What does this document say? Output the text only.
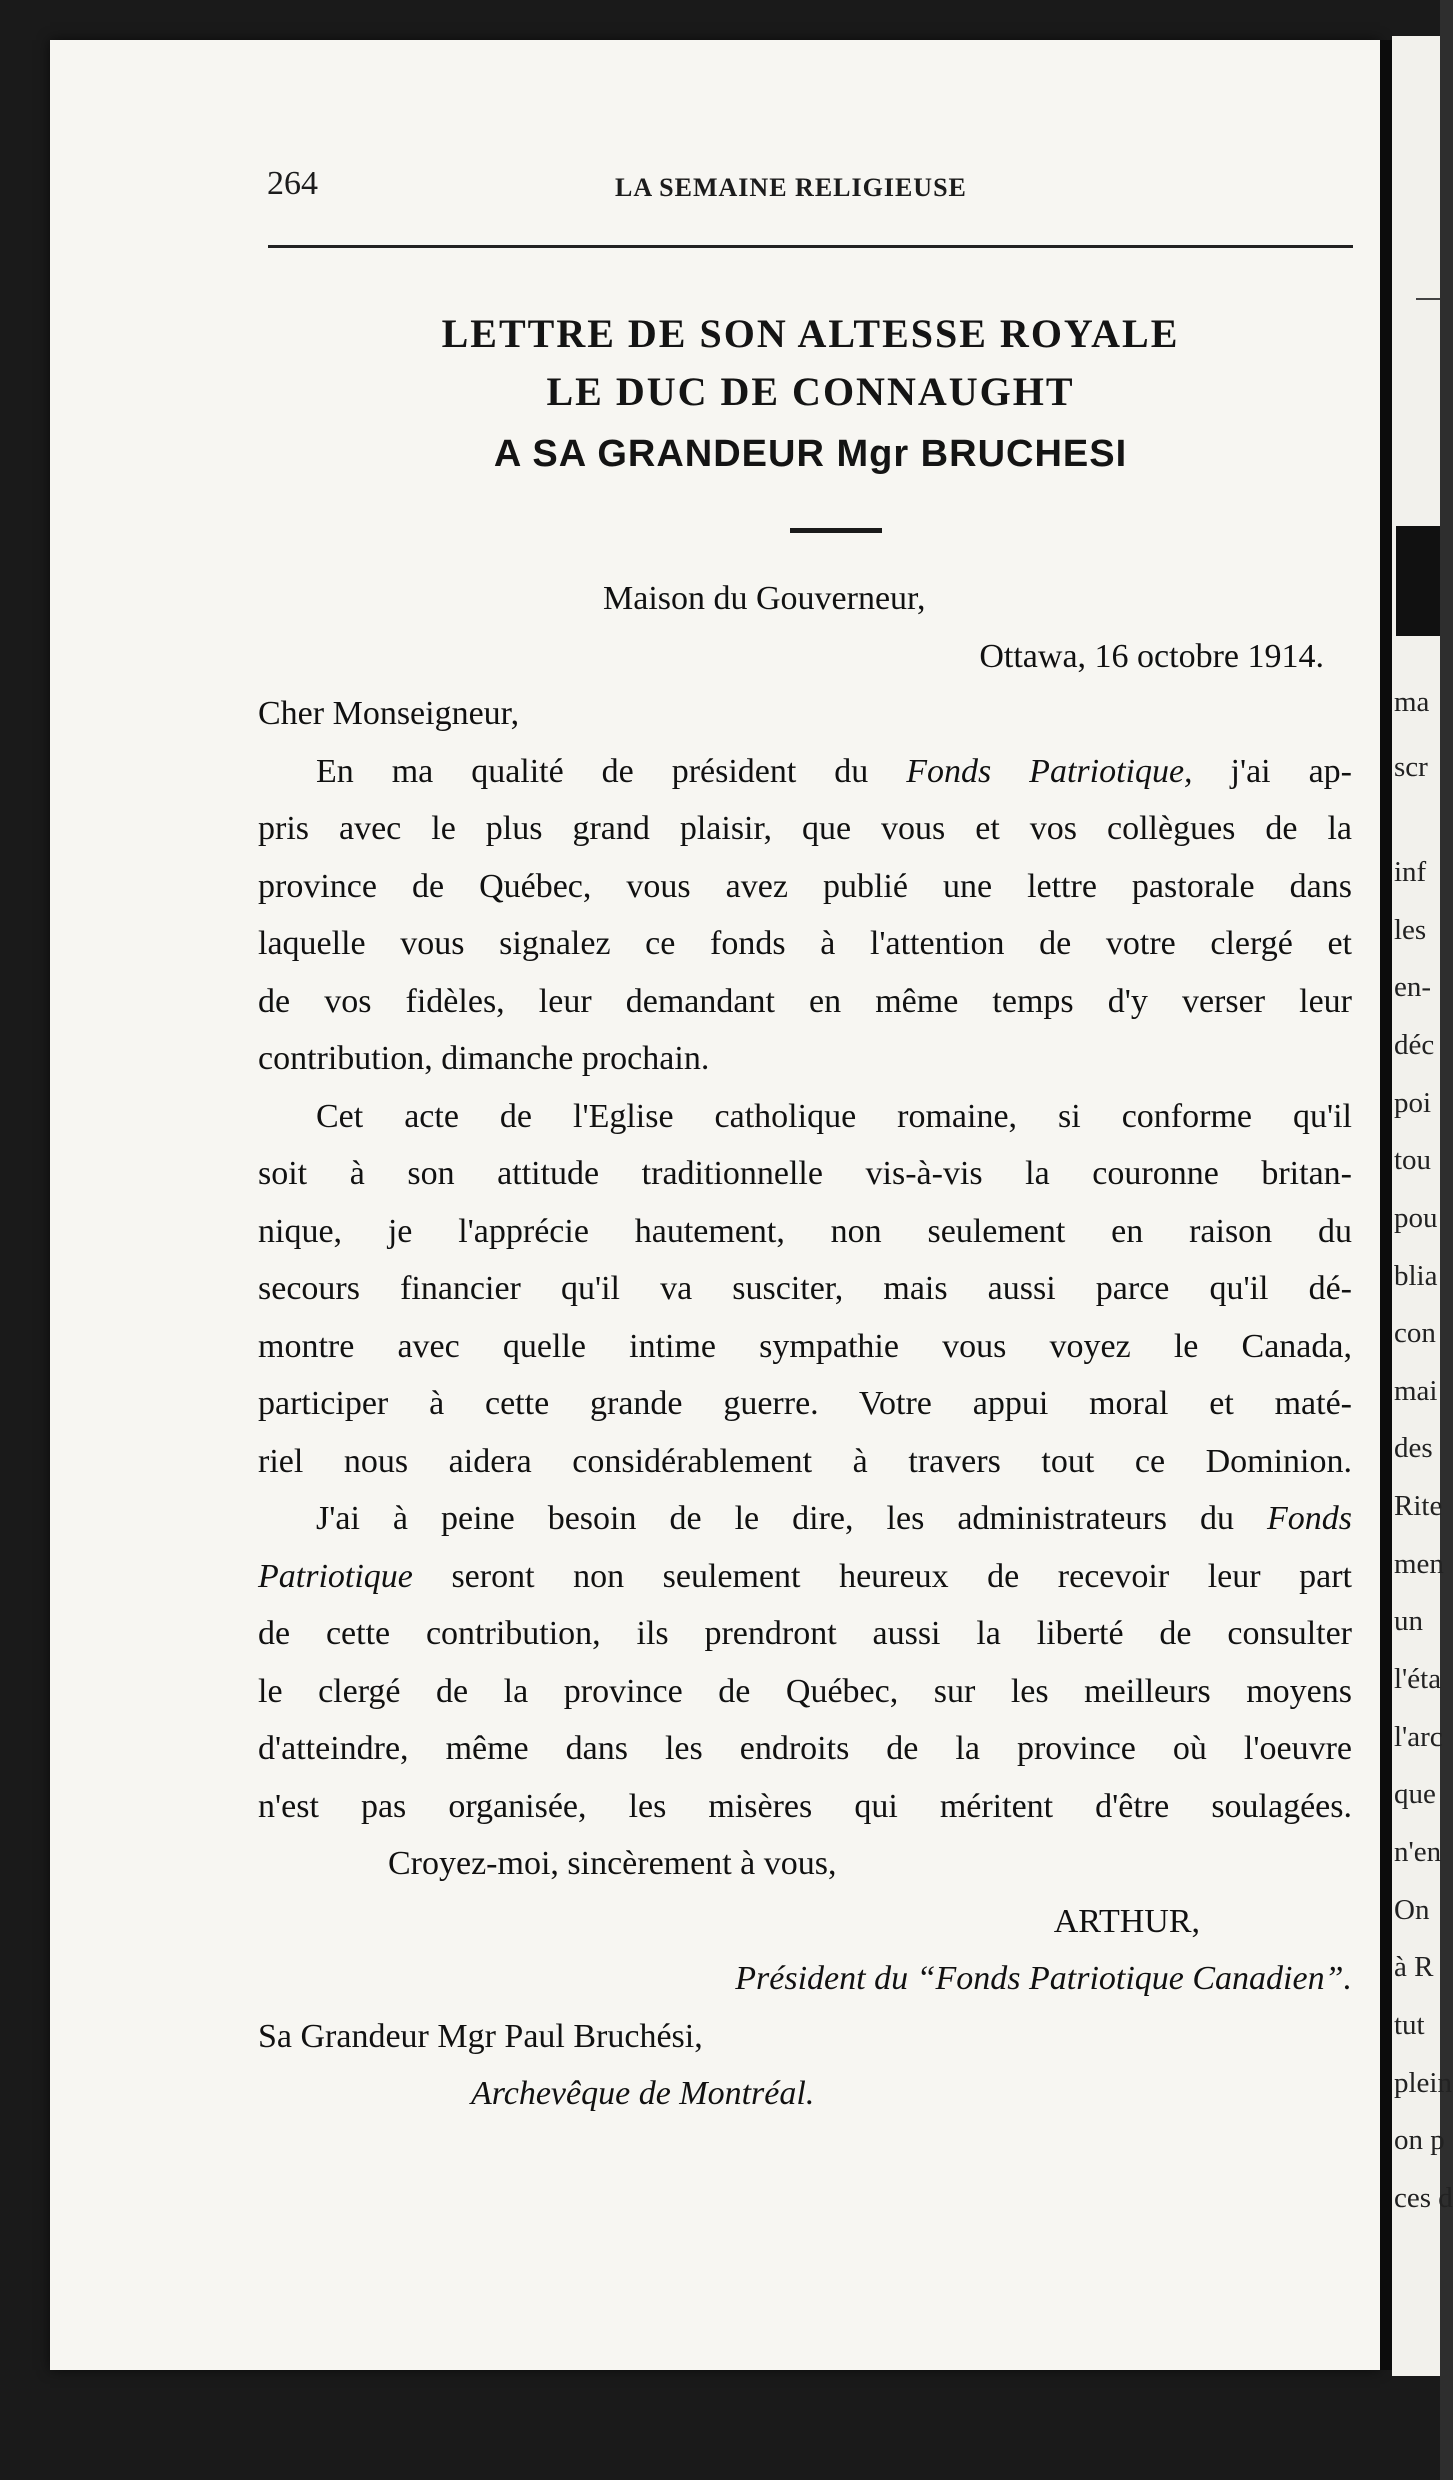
ma
scr
inf
les
en-
déc
poi
tou
pou
blia
con
mai
des
Rite
men
un
l'éta
l'arc
que
n'en
On
à R
tut
plein
on p
ces d
264	LA SEMAINE RELIGIEUSE
LETTRE DE SON ALTESSE ROYALE
LE DUC DE CONNAUGHT
A SA GRANDEUR Mgr BRUCHESI
Maison du Gouverneur,
Ottawa, 16 octobre 1914.
Cher Monseigneur,
En ma qualité de président du Fonds Patriotique, j'ai ap-
pris avec le plus grand plaisir, que vous et vos collègues de la
province de Québec, vous avez publié une lettre pastorale dans
laquelle vous signalez ce fonds à l'attention de votre clergé et
de vos fidèles, leur demandant en même temps d'y verser leur
contribution, dimanche prochain.
Cet acte de l'Eglise catholique romaine, si conforme qu'il
soit à son attitude traditionnelle vis-à-vis la couronne britan-
nique, je l'apprécie hautement, non seulement en raison du
secours financier qu'il va susciter, mais aussi parce qu'il dé-
montre avec quelle intime sympathie vous voyez le Canada,
participer à cette grande guerre. Votre appui moral et maté-
riel nous aidera considérablement à travers tout ce Dominion.
J'ai à peine besoin de le dire, les administrateurs du Fonds
Patriotique seront non seulement heureux de recevoir leur part
de cette contribution, ils prendront aussi la liberté de consulter
le clergé de la province de Québec, sur les meilleurs moyens
d'atteindre, même dans les endroits de la province où l'oeuvre
n'est pas organisée, les misères qui méritent d'être soulagées.
Croyez-moi, sincèrement à vous,
ARTHUR,
Président du “Fonds Patriotique Canadien”.
Sa Grandeur Mgr Paul Bruchési,
Archevêque de Montréal.
